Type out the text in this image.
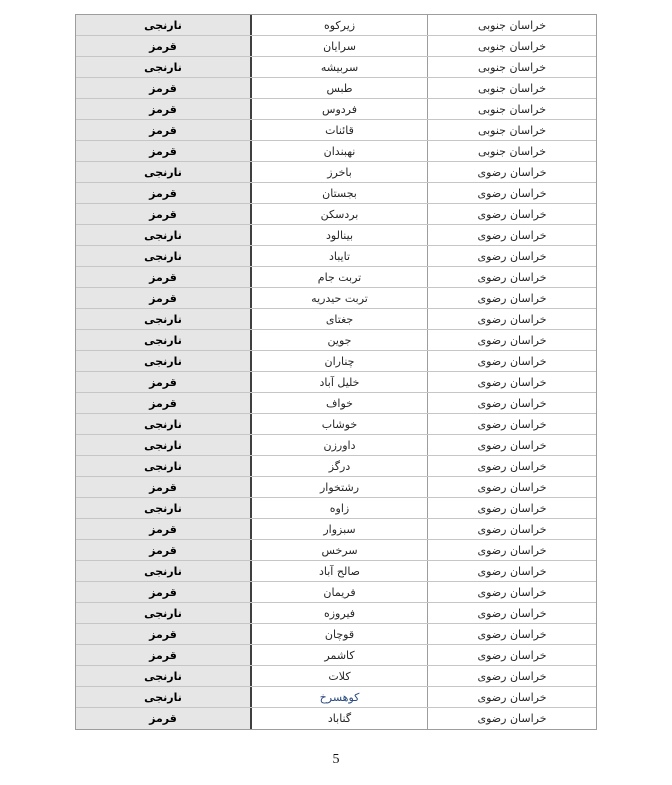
خراسان جنوبی
زیرکوه
نارنجی
خراسان جنوبی
سرایان
قرمز
خراسان جنوبی
سربیشه
نارنجی
خراسان جنوبی
طبس
قرمز
خراسان جنوبی
فردوس
قرمز
خراسان جنوبی
قائنات
قرمز
خراسان جنوبی
نهبندان
قرمز
خراسان رضوی
باخرز
نارنجی
خراسان رضوی
بجستان
قرمز
خراسان رضوی
بردسکن
قرمز
خراسان رضوی
بینالود
نارنجی
خراسان رضوی
تایباد
نارنجی
خراسان رضوی
تربت جام
قرمز
خراسان رضوی
تربت حیدریه
قرمز
خراسان رضوی
جغتای
نارنجی
خراسان رضوی
جوین
نارنجی
خراسان رضوی
چناران
نارنجی
خراسان رضوی
خلیل آباد
قرمز
خراسان رضوی
خواف
قرمز
خراسان رضوی
خوشاب
نارنجی
خراسان رضوی
داورزن
نارنجی
خراسان رضوی
درگز
نارنجی
خراسان رضوی
رشتخوار
قرمز
خراسان رضوی
زاوه
نارنجی
خراسان رضوی
سبزوار
قرمز
خراسان رضوی
سرخس
قرمز
خراسان رضوی
صالح آباد
نارنجی
خراسان رضوی
فریمان
قرمز
خراسان رضوی
فیروزه
نارنجی
خراسان رضوی
قوچان
قرمز
خراسان رضوی
کاشمر
قرمز
خراسان رضوی
کلات
نارنجی
خراسان رضوی
کوهسرخ
نارنجی
خراسان رضوی
گناباد
قرمز
5
